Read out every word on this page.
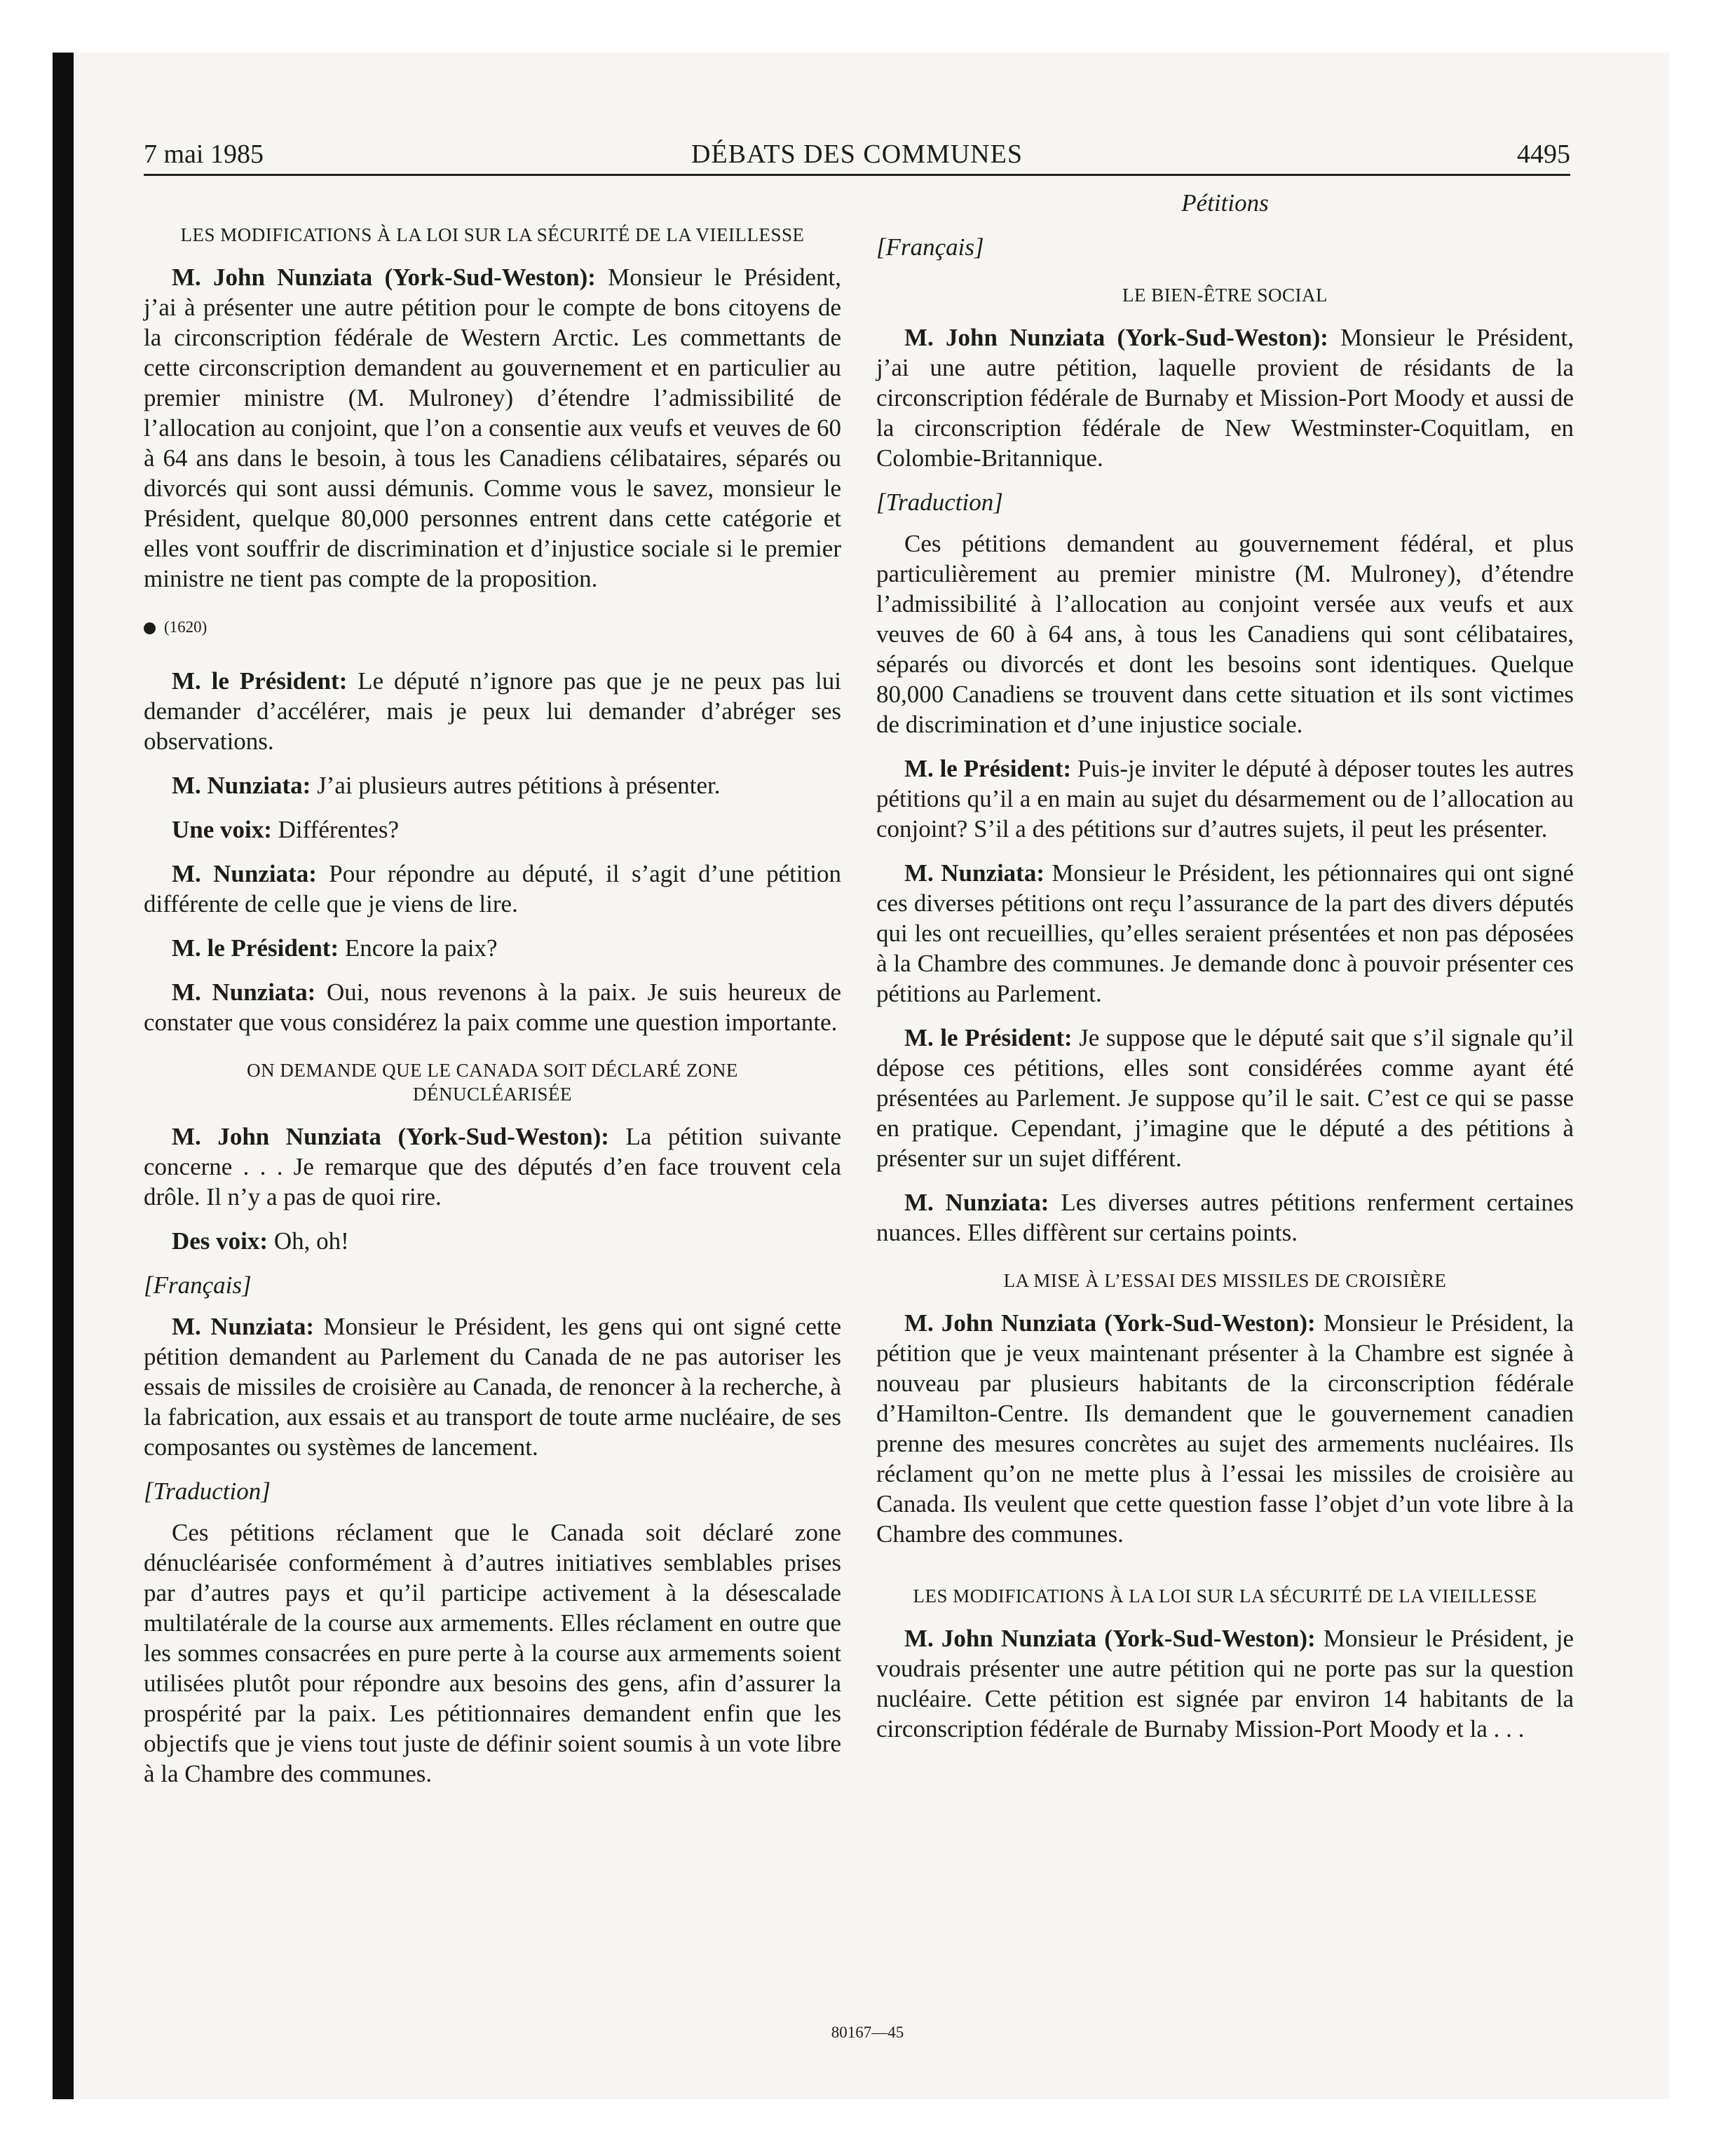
7 mai 1985	DÉBATS DES COMMUNES	4495
LES MODIFICATIONS À LA LOI SUR LA SÉCURITÉ DE LA VIEILLESSE

M. John Nunziata (York-Sud-Weston): Monsieur le Président, j’ai à présenter une autre pétition pour le compte de bons citoyens de la circonscription fédérale de Western Arctic. Les commettants de cette circonscription demandent au gouvernement et en particulier au premier ministre (M. Mulroney) d’étendre l’admissibilité de l’allocation au conjoint, que l’on a consentie aux veufs et veuves de 60 à 64 ans dans le besoin, à tous les Canadiens célibataires, séparés ou divorcés qui sont aussi démunis. Comme vous le savez, monsieur le Président, quelque 80,000 personnes entrent dans cette catégorie et elles vont souffrir de discrimination et d’injustice sociale si le premier ministre ne tient pas compte de la proposition.

(1620)

M. le Président: Le député n’ignore pas que je ne peux pas lui demander d’accélérer, mais je peux lui demander d’abréger ses observations.

M. Nunziata: J’ai plusieurs autres pétitions à présenter.

Une voix: Différentes?

M. Nunziata: Pour répondre au député, il s’agit d’une pétition différente de celle que je viens de lire.

M. le Président: Encore la paix?

M. Nunziata: Oui, nous revenons à la paix. Je suis heureux de constater que vous considérez la paix comme une question importante.

ON DEMANDE QUE LE CANADA SOIT DÉCLARÉ ZONE DÉNUCLÉARISÉE

M. John Nunziata (York-Sud-Weston): La pétition suivante concerne . . . Je remarque que des députés d’en face trouvent cela drôle. Il n’y a pas de quoi rire.

Des voix: Oh, oh!

[Français]

M. Nunziata: Monsieur le Président, les gens qui ont signé cette pétition demandent au Parlement du Canada de ne pas autoriser les essais de missiles de croisière au Canada, de renoncer à la recherche, à la fabrication, aux essais et au transport de toute arme nucléaire, de ses composantes ou systèmes de lancement.

[Traduction]

Ces pétitions réclament que le Canada soit déclaré zone dénucléarisée conformément à d’autres initiatives semblables prises par d’autres pays et qu’il participe activement à la désescalade multilatérale de la course aux armements. Elles réclament en outre que les sommes consacrées en pure perte à la course aux armements soient utilisées plutôt pour répondre aux besoins des gens, afin d’assurer la prospérité par la paix. Les pétitionnaires demandent enfin que les objectifs que je viens tout juste de définir soient soumis à un vote libre à la Chambre des communes.

Pétitions

[Français]

LE BIEN-ÊTRE SOCIAL

M. John Nunziata (York-Sud-Weston): Monsieur le Président, j’ai une autre pétition, laquelle provient de résidants de la circonscription fédérale de Burnaby et Mission-Port Moody et aussi de la circonscription fédérale de New Westminster-Coquitlam, en Colombie-Britannique.

[Traduction]

Ces pétitions demandent au gouvernement fédéral, et plus particulièrement au premier ministre (M. Mulroney), d’étendre l’admissibilité à l’allocation au conjoint versée aux veufs et aux veuves de 60 à 64 ans, à tous les Canadiens qui sont célibataires, séparés ou divorcés et dont les besoins sont identiques. Quelque 80,000 Canadiens se trouvent dans cette situation et ils sont victimes de discrimination et d’une injustice sociale.

M. le Président: Puis-je inviter le député à déposer toutes les autres pétitions qu’il a en main au sujet du désarmement ou de l’allocation au conjoint? S’il a des pétitions sur d’autres sujets, il peut les présenter.

M. Nunziata: Monsieur le Président, les pétionnaires qui ont signé ces diverses pétitions ont reçu l’assurance de la part des divers députés qui les ont recueillies, qu’elles seraient présentées et non pas déposées à la Chambre des communes. Je demande donc à pouvoir présenter ces pétitions au Parlement.

M. le Président: Je suppose que le député sait que s’il signale qu’il dépose ces pétitions, elles sont considérées comme ayant été présentées au Parlement. Je suppose qu’il le sait. C’est ce qui se passe en pratique. Cependant, j’imagine que le député a des pétitions à présenter sur un sujet différent.

M. Nunziata: Les diverses autres pétitions renferment certaines nuances. Elles diffèrent sur certains points.

LA MISE À L’ESSAI DES MISSILES DE CROISIÈRE

M. John Nunziata (York-Sud-Weston): Monsieur le Président, la pétition que je veux maintenant présenter à la Chambre est signée à nouveau par plusieurs habitants de la circonscription fédérale d’Hamilton-Centre. Ils demandent que le gouvernement canadien prenne des mesures concrètes au sujet des armements nucléaires. Ils réclament qu’on ne mette plus à l’essai les missiles de croisière au Canada. Ils veulent que cette question fasse l’objet d’un vote libre à la Chambre des communes.

LES MODIFICATIONS À LA LOI SUR LA SÉCURITÉ DE LA VIEILLESSE

M. John Nunziata (York-Sud-Weston): Monsieur le Président, je voudrais présenter une autre pétition qui ne porte pas sur la question nucléaire. Cette pétition est signée par environ 14 habitants de la circonscription fédérale de Burnaby Mission-Port Moody et la . . .

80167—45
